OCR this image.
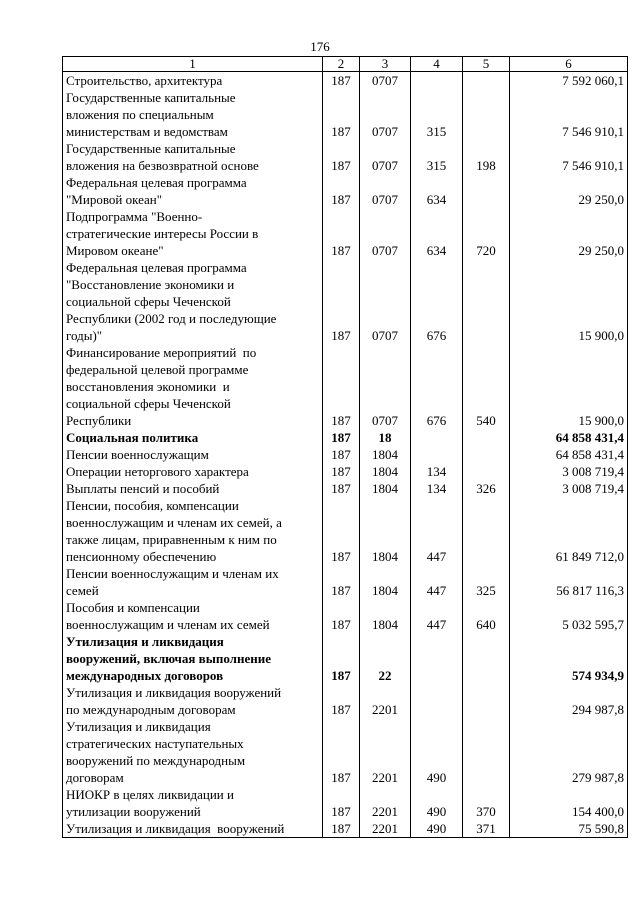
176
1	2	3	4	5	6
Строительство, архитектура	187	0707			7 592 060,1
Государственные капитальные
вложения по специальным
министерствам и ведомствам	187	0707	315		7 546 910,1
Государственные капитальные
вложения на безвозвратной основе	187	0707	315	198	7 546 910,1
Федеральная целевая программа
"Мировой океан"	187	0707	634		29 250,0
Подпрограмма "Военно-
стратегические интересы России в
Мировом океане"	187	0707	634	720	29 250,0
Федеральная целевая программа
"Восстановление экономики и
социальной сферы Чеченской
Республики (2002 год и последующие
годы)"	187	0707	676		15 900,0
Финансирование мероприятий  по
федеральной целевой программе
восстановления экономики  и
социальной сферы Чеченской
Республики	187	0707	676	540	15 900,0
Социальная политика	187	18			64 858 431,4
Пенсии военнослужащим	187	1804			64 858 431,4
Операции неторгового характера	187	1804	134		3 008 719,4
Выплаты пенсий и пособий	187	1804	134	326	3 008 719,4
Пенсии, пособия, компенсации
военнослужащим и членам их семей, а
также лицам, приравненным к ним по
пенсионному обеспечению	187	1804	447		61 849 712,0
Пенсии военнослужащим и членам их
семей	187	1804	447	325	56 817 116,3
Пособия и компенсации
военнослужащим и членам их семей	187	1804	447	640	5 032 595,7
Утилизация и ликвидация
вооружений, включая выполнение
международных договоров	187	22			574 934,9
Утилизация и ликвидация вооружений
по международным договорам	187	2201			294 987,8
Утилизация и ликвидация
стратегических наступательных
вооружений по международным
договорам	187	2201	490		279 987,8
НИОКР в целях ликвидации и
утилизации вооружений	187	2201	490	370	154 400,0
Утилизация и ликвидация  вооружений	187	2201	490	371	75 590,8
